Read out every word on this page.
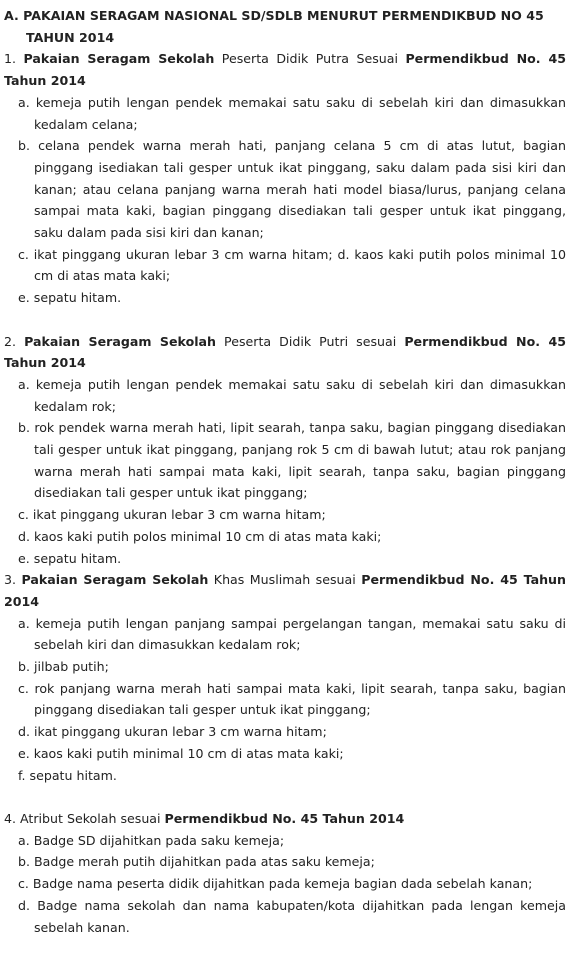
A. PAKAIAN SERAGAM NASIONAL SD/SDLB MENURUT PERMENDIKBUD NO 45
TAHUN 2014
1. Pakaian Seragam Sekolah Peserta Didik Putra Sesuai Permendikbud No. 45 Tahun 2014
a. kemeja putih lengan pendek memakai satu saku di sebelah kiri dan dimasukkan kedalam celana;
b. celana pendek warna merah hati, panjang celana 5 cm di atas lutut, bagian pinggang isediakan tali gesper untuk ikat pinggang, saku dalam pada sisi kiri dan kanan; atau celana panjang warna merah hati model biasa/lurus, panjang celana sampai mata kaki, bagian pinggang disediakan tali gesper untuk ikat pinggang, saku dalam pada sisi kiri dan kanan;
c. ikat pinggang ukuran lebar 3 cm warna hitam; d. kaos kaki putih polos minimal 10 cm di atas mata kaki;
e. sepatu hitam.
2. Pakaian Seragam Sekolah Peserta Didik Putri sesuai Permendikbud No. 45 Tahun 2014
a. kemeja putih lengan pendek memakai satu saku di sebelah kiri dan dimasukkan kedalam rok;
b. rok pendek warna merah hati, lipit searah, tanpa saku, bagian pinggang disediakan tali gesper untuk ikat pinggang, panjang rok 5 cm di bawah lutut; atau rok panjang warna merah hati sampai mata kaki, lipit searah, tanpa saku, bagian pinggang disediakan tali gesper untuk ikat pinggang;
c. ikat pinggang ukuran lebar 3 cm warna hitam;
d. kaos kaki putih polos minimal 10 cm di atas mata kaki;
e. sepatu hitam.
3. Pakaian Seragam Sekolah Khas Muslimah sesuai Permendikbud No. 45 Tahun 2014
a. kemeja putih lengan panjang sampai pergelangan tangan, memakai satu saku di sebelah kiri dan dimasukkan kedalam rok;
b. jilbab putih;
c. rok panjang warna merah hati sampai mata kaki, lipit searah, tanpa saku, bagian pinggang disediakan tali gesper untuk ikat pinggang;
d. ikat pinggang ukuran lebar 3 cm warna hitam;
e. kaos kaki putih minimal 10 cm di atas mata kaki;
f. sepatu hitam.
4. Atribut Sekolah sesuai Permendikbud No. 45 Tahun 2014
a. Badge SD dijahitkan pada saku kemeja;
b. Badge merah putih dijahitkan pada atas saku kemeja;
c. Badge nama peserta didik dijahitkan pada kemeja bagian dada sebelah kanan;
d. Badge nama sekolah dan nama kabupaten/kota dijahitkan pada lengan kemeja sebelah kanan.
